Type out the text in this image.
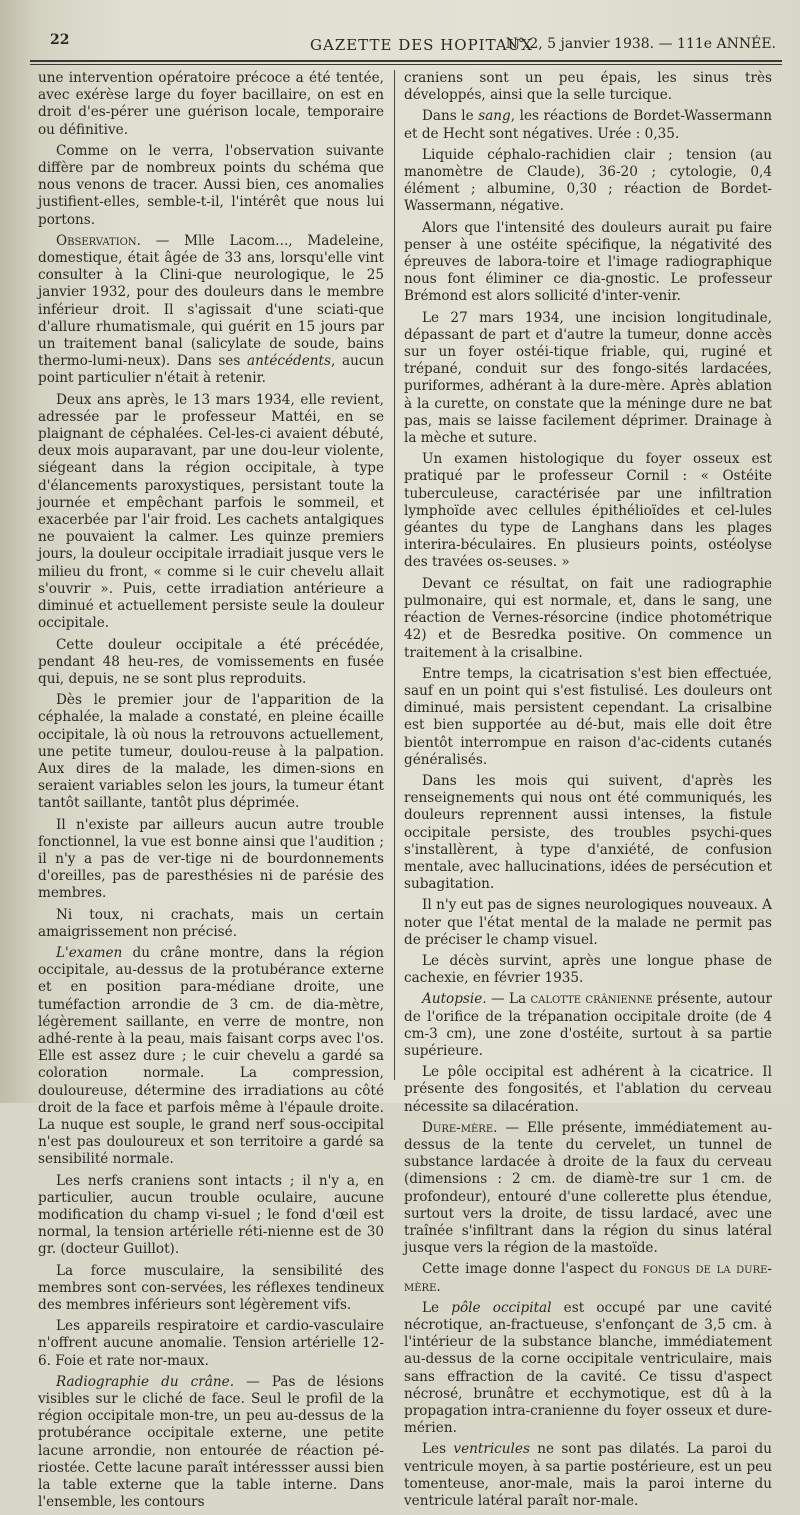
22	GAZETTE DES HOPITAUX
N°.2, 5 janvier 1938. — 111e ANNÉE.

une intervention opératoire précoce a été tentée, avec exérèse large du foyer bacillaire, on est en droit d'es-pérer une guérison locale, temporaire ou définitive.

Comme on le verra, l'observation suivante diffère par de nombreux points du schéma que nous venons de tracer. Aussi bien, ces anomalies justifient-elles, semble-t-il, l'intérêt que nous lui portons.

Observation. — Mlle Lacom..., Madeleine, domestique, était âgée de 33 ans, lorsqu'elle vint consulter à la Clini-que neurologique, le 25 janvier 1932, pour des douleurs dans le membre inférieur droit. Il s'agissait d'une sciati-que d'allure rhumatismale, qui guérit en 15 jours par un traitement banal (salicylate de soude, bains thermo-lumi-neux). Dans ses antécédents, aucun point particulier n'était à retenir.

Deux ans après, le 13 mars 1934, elle revient, adressée par le professeur Mattéi, en se plaignant de céphalées. Cel-les-ci avaient débuté, deux mois auparavant, par une dou-leur violente, siégeant dans la région occipitale, à type d'élancements paroxystiques, persistant toute la journée et empêchant parfois le sommeil, et exacerbée par l'air froid. Les cachets antalgiques ne pouvaient la calmer. Les quinze premiers jours, la douleur occipitale irradiait jusque vers le milieu du front, « comme si le cuir chevelu allait s'ouvrir ». Puis, cette irradiation antérieure a diminué et actuellement persiste seule la douleur occipitale.

Cette douleur occipitale a été précédée, pendant 48 heu-res, de vomissements en fusée qui, depuis, ne se sont plus reproduits.

Dès le premier jour de l'apparition de la céphalée, la malade a constaté, en pleine écaille occipitale, là où nous la retrouvons actuellement, une petite tumeur, doulou-reuse à la palpation. Aux dires de la malade, les dimen-sions en seraient variables selon les jours, la tumeur étant tantôt saillante, tantôt plus déprimée.

Il n'existe par ailleurs aucun autre trouble fonctionnel, la vue est bonne ainsi que l'audition ; il n'y a pas de ver-tige ni de bourdonnements d'oreilles, pas de paresthésies ni de parésie des membres.

Ni toux, ni crachats, mais un certain amaigrissement non précisé.

L'examen du crâne montre, dans la région occipitale, au-dessus de la protubérance externe et en position para-médiane droite, une tuméfaction arrondie de 3 cm. de dia-mètre, légèrement saillante, en verre de montre, non adhé-rente à la peau, mais faisant corps avec l'os. Elle est assez dure ; le cuir chevelu a gardé sa coloration normale. La compression, douloureuse, détermine des irradiations au côté droit de la face et parfois même à l'épaule droite. La nuque est souple, le grand nerf sous-occipital n'est pas douloureux et son territoire a gardé sa sensibilité normale.

Les nerfs craniens sont intacts ; il n'y a, en particulier, aucun trouble oculaire, aucune modification du champ vi-suel ; le fond d'œil est normal, la tension artérielle réti-nienne est de 30 gr. (docteur Guillot).

La force musculaire, la sensibilité des membres sont con-servées, les réflexes tendineux des membres inférieurs sont légèrement vifs.

Les appareils respiratoire et cardio-vasculaire n'offrent aucune anomalie. Tension artérielle 12-6. Foie et rate nor-maux.

Radiographie du crâne. — Pas de lésions visibles sur le cliché de face. Seul le profil de la région occipitale mon-tre, un peu au-dessus de la protubérance occipitale externe, une petite lacune arrondie, non entourée de réaction pé-riostée. Cette lacune paraît intéressser aussi bien la table externe que la table interne. Dans l'ensemble, les contours

craniens sont un peu épais, les sinus très développés, ainsi que la selle turcique.

Dans le sang, les réactions de Bordet-Wassermann et de Hecht sont négatives. Urée : 0,35.

Liquide céphalo-rachidien clair ; tension (au manomètre de Claude), 36-20 ; cytologie, 0,4 élément ; albumine, 0,30 ; réaction de Bordet-Wassermann, négative.

Alors que l'intensité des douleurs aurait pu faire penser à une ostéite spécifique, la négativité des épreuves de labora-toire et l'image radiographique nous font éliminer ce dia-gnostic. Le professeur Brémond est alors sollicité d'inter-venir.

Le 27 mars 1934, une incision longitudinale, dépassant de part et d'autre la tumeur, donne accès sur un foyer ostéi-tique friable, qui, ruginé et trépané, conduit sur des fongo-sités lardacées, puriformes, adhérant à la dure-mère. Après ablation à la curette, on constate que la méninge dure ne bat pas, mais se laisse facilement déprimer. Drainage à la mèche et suture.

Un examen histologique du foyer osseux est pratiqué par le professeur Cornil : « Ostéite tuberculeuse, caractérisée par une infiltration lymphoïde avec cellules épithélioïdes et cel-lules géantes du type de Langhans dans les plages interira-béculaires. En plusieurs points, ostéolyse des travées os-seuses. »

Devant ce résultat, on fait une radiographie pulmonaire, qui est normale, et, dans le sang, une réaction de Vernes-résorcine (indice photométrique 42) et de Besredka positive. On commence un traitement à la crisalbine.

Entre temps, la cicatrisation s'est bien effectuée, sauf en un point qui s'est fistulisé. Les douleurs ont diminué, mais persistent cependant. La crisalbine est bien supportée au dé-but, mais elle doit être bientôt interrompue en raison d'ac-cidents cutanés généralisés.

Dans les mois qui suivent, d'après les renseignements qui nous ont été communiqués, les douleurs reprennent aussi intenses, la fistule occipitale persiste, des troubles psychi-ques s'installèrent, à type d'anxiété, de confusion mentale, avec hallucinations, idées de persécution et subagitation.

Il n'y eut pas de signes neurologiques nouveaux. A noter que l'état mental de la malade ne permit pas de préciser le champ visuel.

Le décès survint, après une longue phase de cachexie, en février 1935.

Autopsie. — La calotte crânienne présente, autour de l'orifice de la trépanation occipitale droite (de 4 cm-3 cm), une zone d'ostéite, surtout à sa partie supérieure.

Le pôle occipital est adhérent à la cicatrice. Il présente des fongosités, et l'ablation du cerveau nécessite sa dilacération.

Dure-mère. — Elle présente, immédiatement au-dessus de la tente du cervelet, un tunnel de substance lardacée à droite de la faux du cerveau (dimensions : 2 cm. de diamè-tre sur 1 cm. de profondeur), entouré d'une collerette plus étendue, surtout vers la droite, de tissu lardacé, avec une traînée s'infiltrant dans la région du sinus latéral jusque vers la région de la mastoïde.

Cette image donne l'aspect du fongus de la dure-mère.

Le pôle occipital est occupé par une cavité nécrotique, an-fractueuse, s'enfonçant de 3,5 cm. à l'intérieur de la substance blanche, immédiatement au-dessus de la corne occipitale ventriculaire, mais sans effraction de la cavité. Ce tissu d'aspect nécrosé, brunâtre et ecchymotique, est dû à la propagation intra-cranienne du foyer osseux et dure-mérien.

Les ventricules ne sont pas dilatés. La paroi du ventricule moyen, à sa partie postérieure, est un peu tomenteuse, anor-male, mais la paroi interne du ventricule latéral paraît nor-male.
